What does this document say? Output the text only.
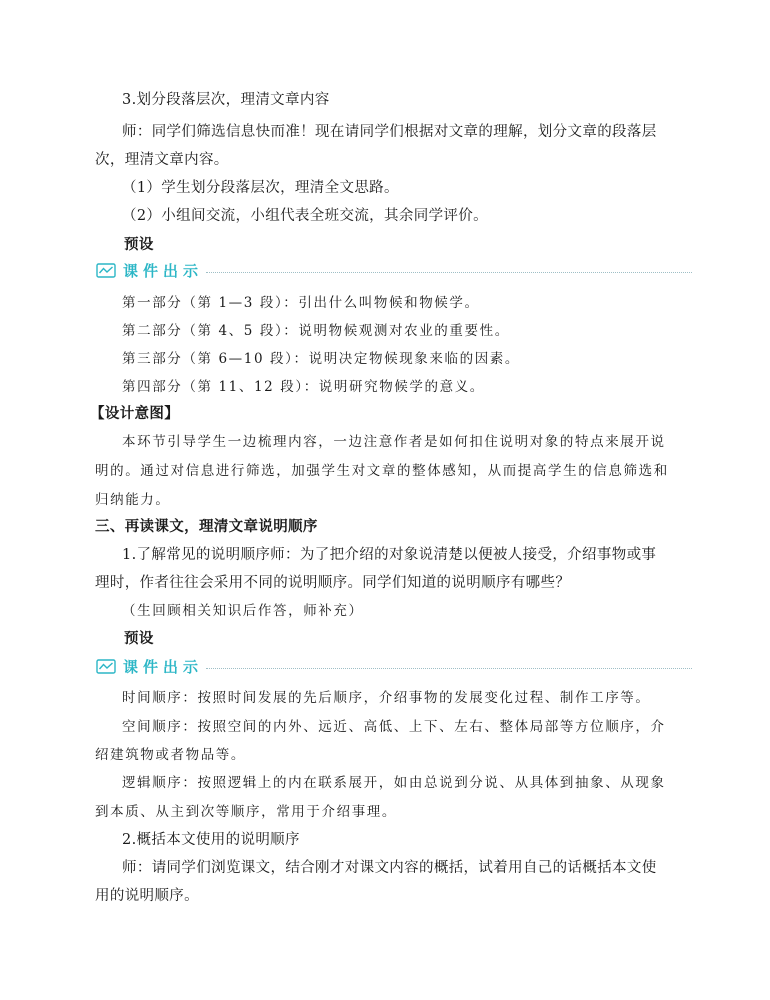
3.划分段落层次，理清文章内容
师：同学们筛选信息快而准！现在请同学们根据对文章的理解，划分文章的段落层
次，理清文章内容。
（1）学生划分段落层次，理清全文思路。
（2）小组间交流，小组代表全班交流，其余同学评价。
预设
课件出示
第一部分（第 1—3 段）：引出什么叫物候和物候学。
第二部分（第 4、5 段）：说明物候观测对农业的重要性。
第三部分（第 6—10 段）：说明决定物候现象来临的因素。
第四部分（第 11、12 段）：说明研究物候学的意义。
【设计意图】
本环节引导学生一边梳理内容，一边注意作者是如何扣住说明对象的特点来展开说
明的。通过对信息进行筛选，加强学生对文章的整体感知，从而提高学生的信息筛选和
归纳能力。
三、再读课文，理清文章说明顺序
1.了解常见的说明顺序师：为了把介绍的对象说清楚以便被人接受，介绍事物或事
理时，作者往往会采用不同的说明顺序。同学们知道的说明顺序有哪些？
（生回顾相关知识后作答，师补充）
预设
课件出示
时间顺序：按照时间发展的先后顺序，介绍事物的发展变化过程、制作工序等。
空间顺序：按照空间的内外、远近、高低、上下、左右、整体局部等方位顺序，介
绍建筑物或者物品等。
逻辑顺序：按照逻辑上的内在联系展开，如由总说到分说、从具体到抽象、从现象
到本质、从主到次等顺序，常用于介绍事理。
2.概括本文使用的说明顺序
师：请同学们浏览课文，结合刚才对课文内容的概括，试着用自己的话概括本文使
用的说明顺序。
